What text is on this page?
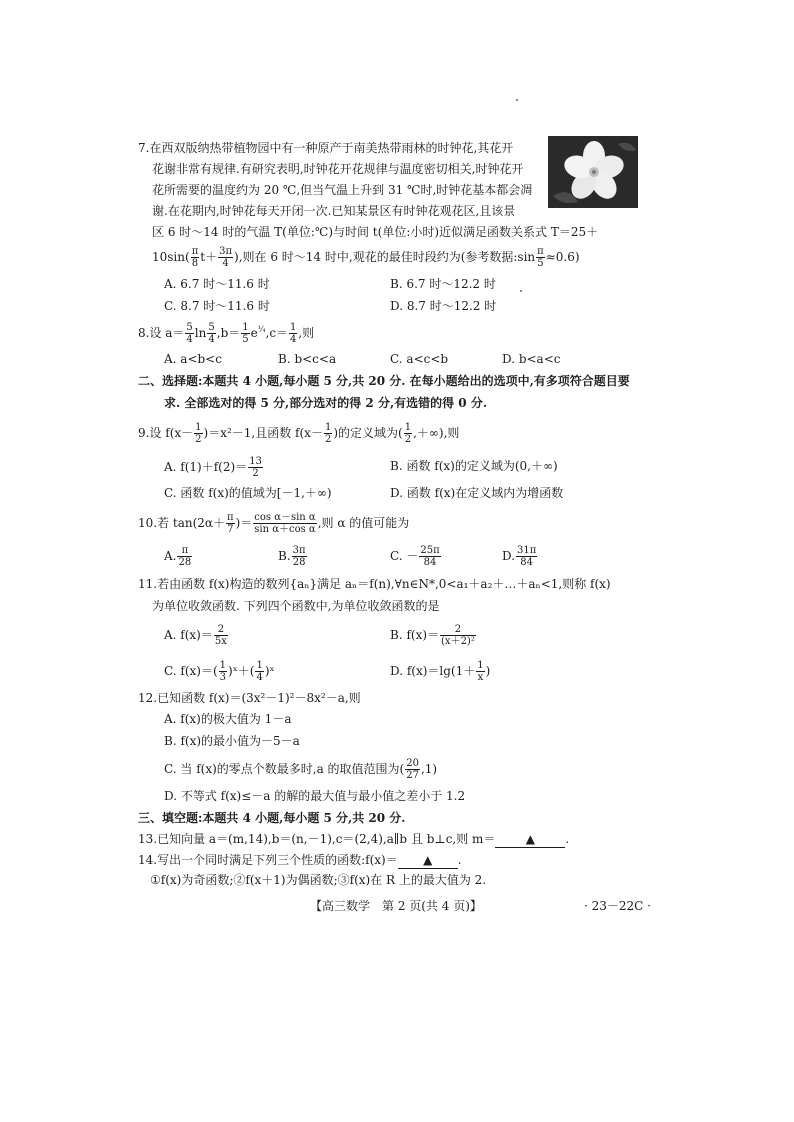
7.在西双版纳热带植物园中有一种原产于南美热带雨林的时钟花,其花开
花谢非常有规律.有研究表明,时钟花开花规律与温度密切相关,时钟花开
花所需要的温度约为 20 ℃,但当气温上升到 31 ℃时,时钟花基本都会凋
谢.在花期内,时钟花每天开闭一次.已知某景区有时钟花观花区,且该景
区 6 时～14 时的气温 T(单位:℃)与时间 t(单位:小时)近似满足函数关系式 T＝25＋
$10\sin( \frac{\pi}{8} t+ \frac{3\pi}{4}$ ),则在 6 时～14 时中,观花的最佳时段约为(参考数据:sin $\frac{\pi}{5} \approx 0.6$)
A. 6.7 时～11.6 时	B. 6.7 时～12.2 时
C. 8.7 时～11.6 时	D. 8.7 时～12.2 时
8.设 $a= \frac{5}{4}$ $\ln \frac{5}{4} ,b= \frac{1}{5} e^{\frac{1}{4}},c= \frac{1}{4}$ ,则
A. a<b<c	B. b<c<a	C. a<c<b	D. b<a<c
二、选择题:本题共 4 小题,每小题 5 分,共 20 分. 在每小题给出的选项中,有多项符合题目要
求. 全部选对的得 5 分,部分选对的得 2 分,有选错的得 0 分.
9.设 $f(x- \frac{1}{2} )=x^2-1$,且函数 $f(x- \frac{1}{2}$ )的定义域为( $\frac{1}{2}$ ,＋∞),则
A. $f(1)+f(2)= \frac{13}{2}$	B. 函数 f(x)的定义域为(0,＋∞)
C. 函数 f(x)的值域为[－1,＋∞)	D. 函数 f(x)在定义域内为增函数
10.若 $\tan(2\alpha+ \frac{\pi}{7}$ )＝ $\frac{\text{cos α－sin α}}{\text{sin α＋cos α}}$ ,则 α 的值可能为
A. $\frac{\pi}{28}$	B. $\frac{3\pi}{28}$	C. － $\frac{25\pi}{84}$	D. $\frac{31\pi}{84}$
11.若由函数 f(x)构造的数列{aₙ}满足 aₙ＝f(n),∀n∈N*,0<a₁＋a₂＋…＋aₙ<1,则称 f(x)
为单位收敛函数. 下列四个函数中,为单位收敛函数的是
A. $f(x)= \frac{2}{5x}$	B. $f(x)= \frac{2}{\text{(x＋2)²}}$
C. $f(x)=( \frac{1}{3}$ )ˣ＋( $\frac{1}{4}$ )ˣ	D. $f(x)=\lg(1+ \frac{1}{x}$ )
12.已知函数 f(x)＝(3x²－1)²－8x²－a,则
A. f(x)的极大值为 1－a
B. f(x)的最小值为－5－a
C. 当 f(x)的零点个数最多时,a 的取值范围为( $\frac{20}{27} ,1$)
D. 不等式 f(x)≤－a 的解的最大值与最小值之差小于 1.2
三、填空题:本题共 4 小题,每小题 5 分,共 20 分.
13.已知向量 a＝(m,14),b＝(n,－1),c＝(2,4),a∥b 且 b⊥c,则 m＝	▲	.
14.写出一个同时满足下列三个性质的函数:f(x)＝ ▲ .
①f(x)为奇函数;②f(x＋1)为偶函数;③f(x)在 R 上的最大值为 2.
【高三数学　第 2 页(共 4 页)】	· 23－22C ·
